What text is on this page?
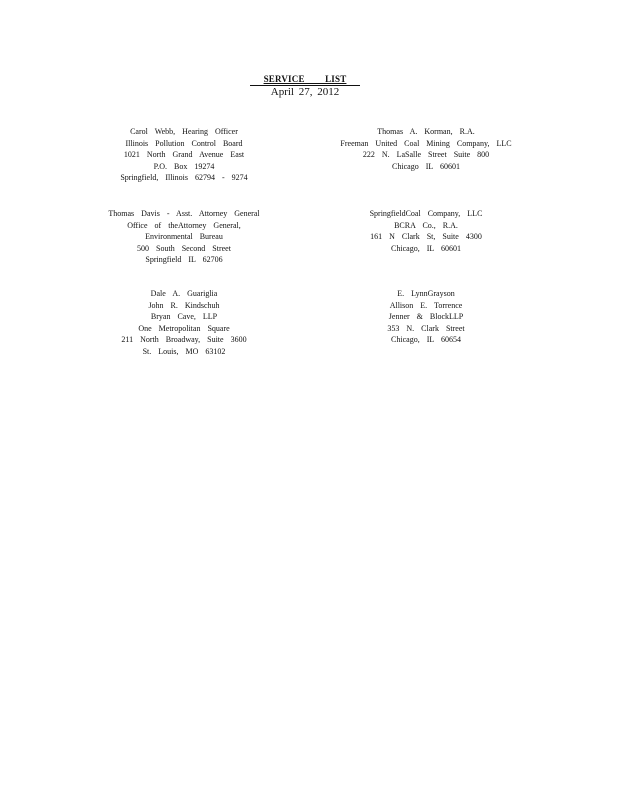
SERVICE LIST
April 27, 2012
Carol Webb, Hearing Officer
Illinois Pollution Control Board
1021 North Grand Avenue East
P.O. Box 19274
Springfield, Illinois 62794 - 9274
Thomas A. Korman, R.A.
Freeman United Coal Mining Company, LLC
222 N. LaSalle Street Suite 800
Chicago IL 60601
Thomas Davis - Asst. Attorney General
Office of theAttorney General,
Environmental Bureau
500 South Second Street
Springfield IL 62706
SpringfieldCoal Company, LLC
BCRA Co., R.A.
161 N Clark St, Suite 4300
Chicago, IL 60601
Dale A. Guariglia
John R. Kindschuh
Bryan Cave, LLP
One Metropolitan Square
211 North Broadway, Suite 3600
St. Louis, MO 63102
E. LynnGrayson
Allison E. Torrence
Jenner & BlockLLP
353 N. Clark Street
Chicago, IL 60654
